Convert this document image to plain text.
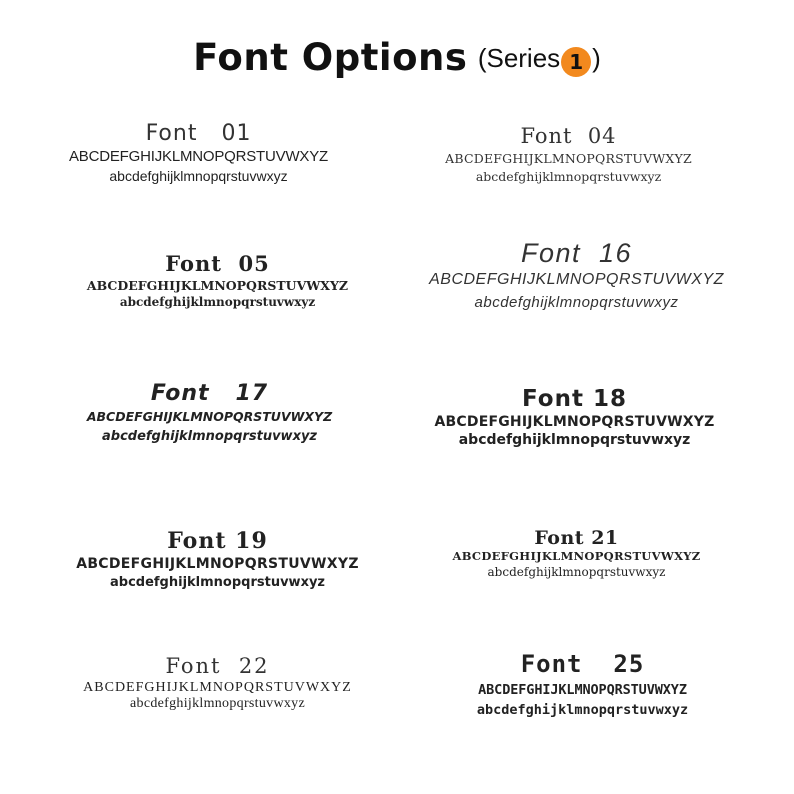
Font Options (Series 1 )
Font   01
ABCDEFGHIJKLMNOPQRSTUVWXYZ
abcdefghijklmnopqrstuvwxyz
Font  04
ABCDEFGHIJKLMNOPQRSTUVWXYZ
abcdefghijklmnopqrstuvwxyz
Font  05
ABCDEFGHIJKLMNOPQRSTUVWXYZ
abcdefghijklmnopqrstuvwxyz
Font  16
ABCDEFGHIJKLMNOPQRSTUVWXYZ
abcdefghijklmnopqrstuvwxyz
Font   17
ABCDEFGHIJKLMNOPQRSTUVWXYZ
abcdefghijklmnopqrstuvwxyz
Font 18
ABCDEFGHIJKLMNOPQRSTUVWXYZ
abcdefghijklmnopqrstuvwxyz
Font 19
ABCDEFGHIJKLMNOPQRSTUVWXYZ
abcdefghijklmnopqrstuvwxyz
Font 21
ABCDEFGHIJKLMNOPQRSTUVWXYZ
abcdefghijklmnopqrstuvwxyz
Font  22
ABCDEFGHIJKLMNOPQRSTUVWXYZ
abcdefghijklmnopqrstuvwxyz
Font  25
ABCDEFGHIJKLMNOPQRSTUVWXYZ
abcdefghijklmnopqrstuvwxyz
